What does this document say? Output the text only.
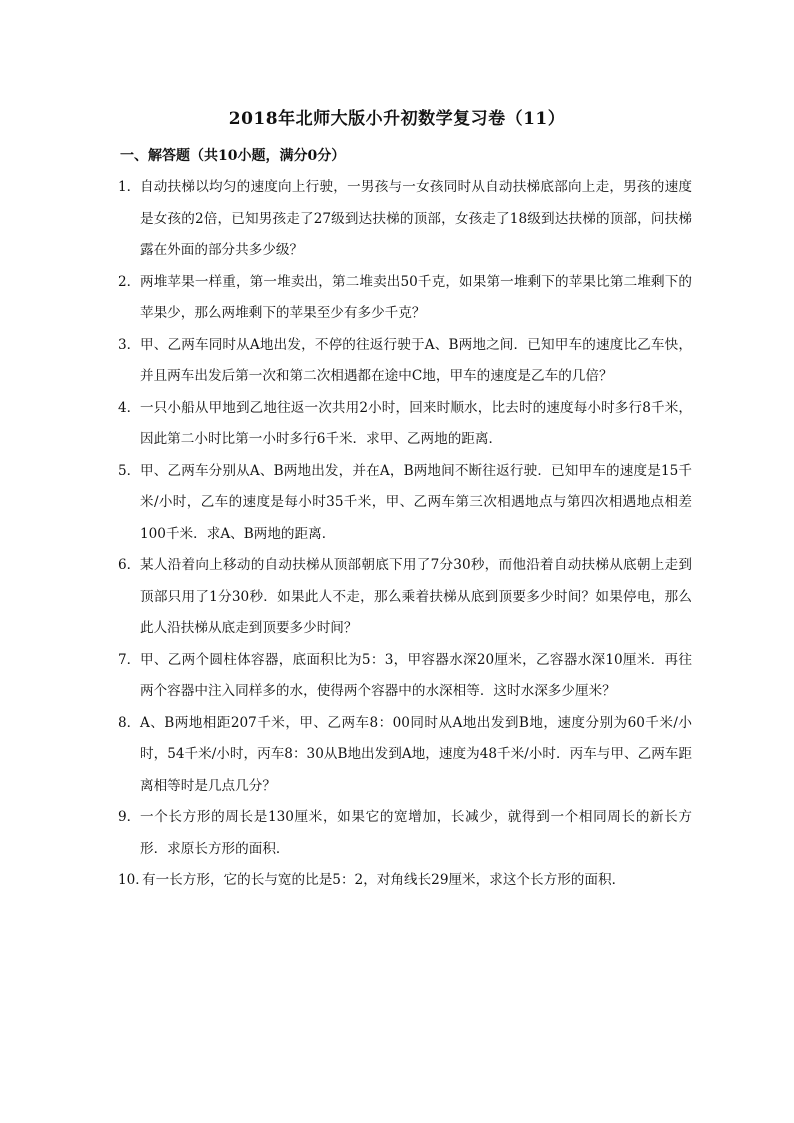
2018年北师大版小升初数学复习卷（11）
一、解答题（共10小题，满分0分）
1． 自动扶梯以均匀的速度向上行驶，一男孩与一女孩同时从自动扶梯底部向上走，男孩的速度是女孩的2倍，已知男孩走了27级到达扶梯的顶部，女孩走了18级到达扶梯的顶部，问扶梯露在外面的部分共多少级？
2． 两堆苹果一样重，第一堆卖出，第二堆卖出50千克，如果第一堆剩下的苹果比第二堆剩下的苹果少，那么两堆剩下的苹果至少有多少千克？
3． 甲、乙两车同时从A地出发，不停的往返行驶于A、B两地之间．已知甲车的速度比乙车快，并且两车出发后第一次和第二次相遇都在途中C地，甲车的速度是乙车的几倍？
4． 一只小船从甲地到乙地往返一次共用2小时，回来时顺水，比去时的速度每小时多行8千米，因此第二小时比第一小时多行6千米．求甲、乙两地的距离．
5． 甲、乙两车分别从A、B两地出发，并在A，B两地间不断往返行驶．已知甲车的速度是15千米/小时，乙车的速度是每小时35千米，甲、乙两车第三次相遇地点与第四次相遇地点相差100千米．求A、B两地的距离．
6． 某人沿着向上移动的自动扶梯从顶部朝底下用了7分30秒，而他沿着自动扶梯从底朝上走到顶部只用了1分30秒．如果此人不走，那么乘着扶梯从底到顶要多少时间？如果停电，那么此人沿扶梯从底走到顶要多少时间？
7． 甲、乙两个圆柱体容器，底面积比为5：3，甲容器水深20厘米，乙容器水深10厘米．再往两个容器中注入同样多的水，使得两个容器中的水深相等．这时水深多少厘米？
8． A、B两地相距207千米，甲、乙两车8：00同时从A地出发到B地，速度分别为60千米/小时，54千米/小时，丙车8：30从B地出发到A地，速度为48千米/小时．丙车与甲、乙两车距离相等时是几点几分？
9． 一个长方形的周长是130厘米，如果它的宽增加，长减少，就得到一个相同周长的新长方形．求原长方形的面积．
10．
有一长方形，它的长与宽的比是5：2，对角线长29厘米，求这个长方形的面积．
